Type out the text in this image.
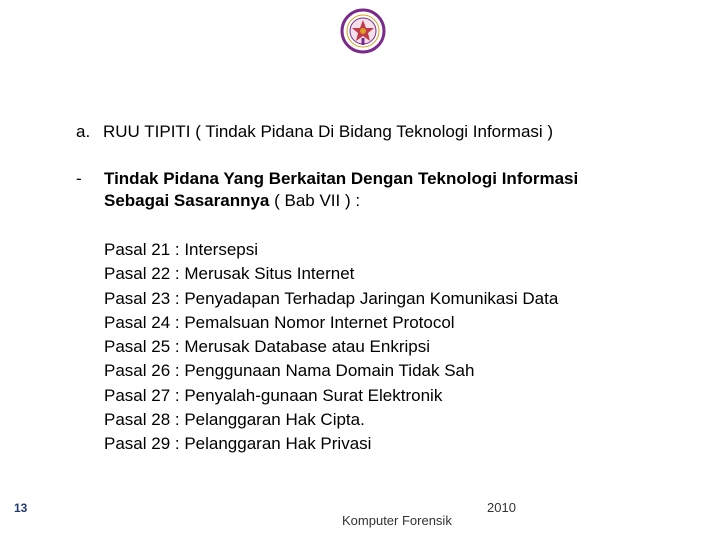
a. RUU TIPITI ( Tindak Pidana Di Bidang Teknologi Informasi )
- Tindak Pidana Yang Berkaitan Dengan Teknologi Informasi
Sebagai Sasarannya ( Bab VII ) :
Pasal 21 : Intersepsi
Pasal 22 : Merusak Situs Internet
Pasal 23 : Penyadapan Terhadap Jaringan Komunikasi Data
Pasal 24 : Pemalsuan Nomor Internet Protocol
Pasal 25 : Merusak Database atau Enkripsi
Pasal 26 : Penggunaan Nama Domain Tidak Sah
Pasal 27 : Penyalah-gunaan Surat Elektronik
Pasal 28 : Pelanggaran Hak Cipta.
Pasal 29 : Pelanggaran Hak Privasi
13
Komputer Forensik
2010
